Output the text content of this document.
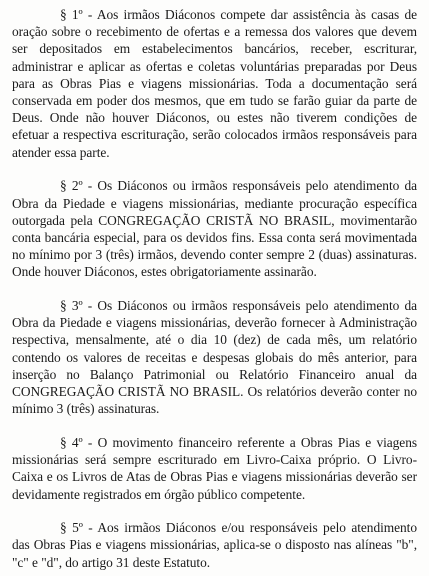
§ 1º - Aos irmãos Diáconos compete dar assistência às casas de oração sobre o recebimento de ofertas e a remessa dos valores que devem ser depositados em estabelecimentos bancários, receber, escriturar, administrar e aplicar as ofertas e coletas voluntárias preparadas por Deus para as Obras Pias e viagens missionárias. Toda a documentação será conservada em poder dos mesmos, que em tudo se farão guiar da parte de Deus. Onde não houver Diáconos, ou estes não tiverem condições de efetuar a respectiva escrituração, serão colocados irmãos responsáveis para atender essa parte.

§ 2º - Os Diáconos ou irmãos responsáveis pelo atendimento da Obra da Piedade e viagens missionárias, mediante procuração específica outorgada pela CONGREGAÇÃO CRISTÃ NO BRASIL, movimentarão conta bancária especial, para os devidos fins. Essa conta será movimentada no mínimo por 3 (três) irmãos, devendo conter sempre 2 (duas) assinaturas. Onde houver Diáconos, estes obrigatoriamente assinarão.

§ 3º - Os Diáconos ou irmãos responsáveis pelo atendimento da Obra da Piedade e viagens missionárias, deverão fornecer à Administração respectiva, mensalmente, até o dia 10 (dez) de cada mês, um relatório contendo os valores de receitas e despesas globais do mês anterior, para inserção no Balanço Patrimonial ou Relatório Financeiro anual da CONGREGAÇÃO CRISTÃ NO BRASIL. Os relatórios deverão conter no mínimo 3 (três) assinaturas.

§ 4º - O movimento financeiro referente a Obras Pias e viagens missionárias será sempre escriturado em Livro-Caixa próprio. O Livro-Caixa e os Livros de Atas de Obras Pias e viagens missionárias deverão ser devidamente registrados em órgão público competente.

§ 5º - Aos irmãos Diáconos e/ou responsáveis pelo atendimento das Obras Pias e viagens missionárias, aplica-se o disposto nas alíneas "b", "c" e "d", do artigo 31 deste Estatuto.
